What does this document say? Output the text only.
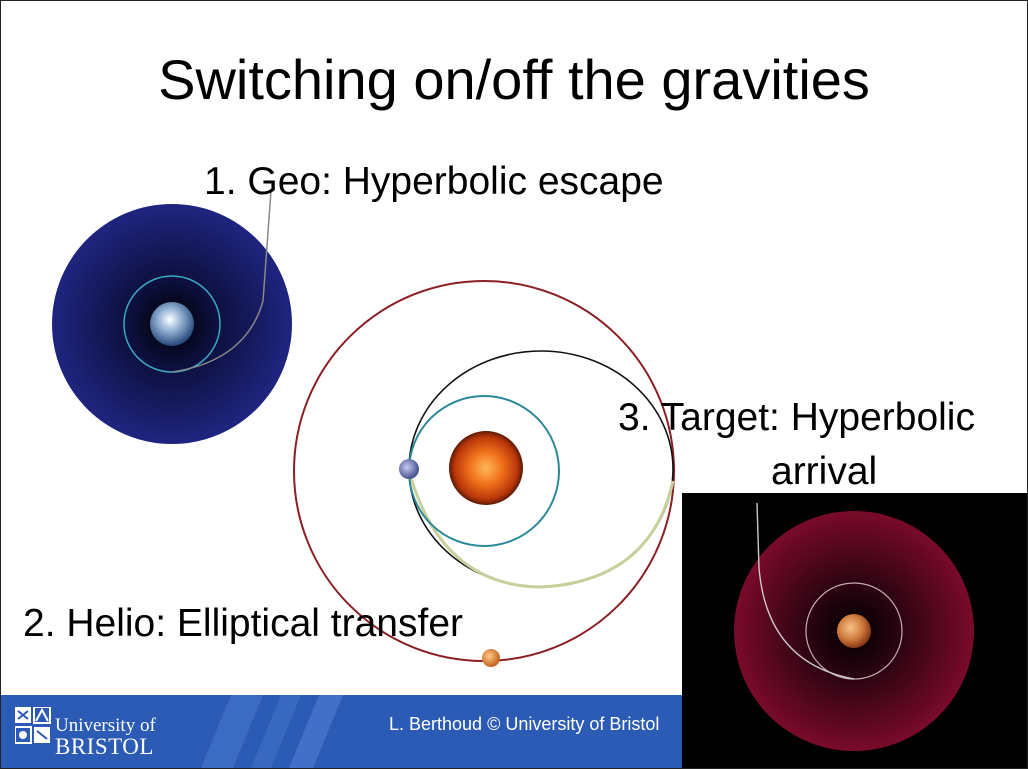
Switching on/off the gravities
1. Geo: Hyperbolic escape
2. Helio: Elliptical transfer
University of
BRISTOL
L. Berthoud © University of Bristol
3. Target: Hyperbolic
arrival
